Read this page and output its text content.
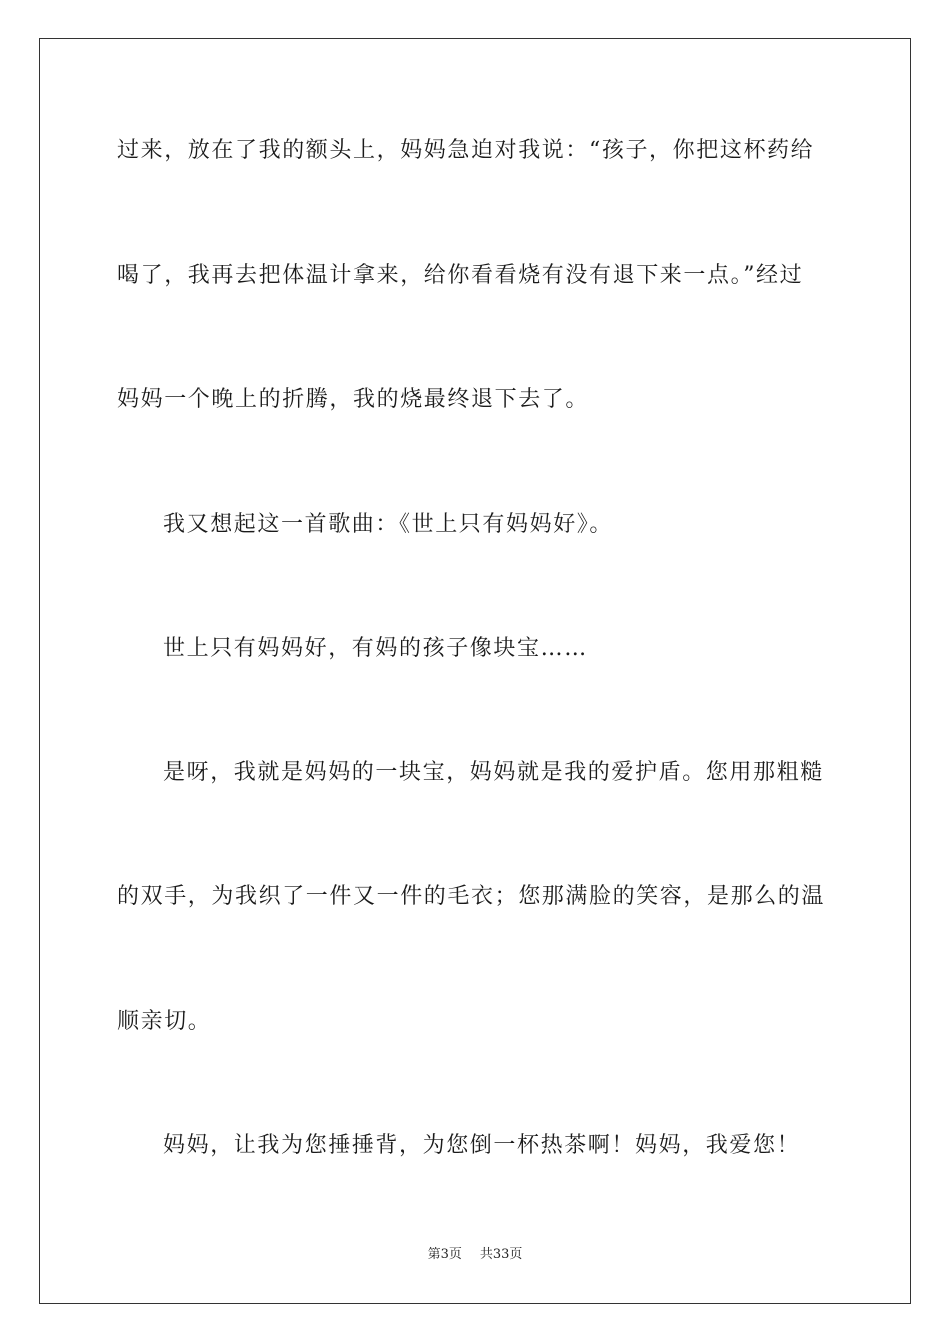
过来，放在了我的额头上，妈妈急迫对我说：“孩子，你把这杯药给
喝了，我再去把体温计拿来，给你看看烧有没有退下来一点。”经过
妈妈一个晚上的折腾，我的烧最终退下去了。
我又想起这一首歌曲：《世上只有妈妈好》。
世上只有妈妈好，有妈的孩子像块宝……
是呀，我就是妈妈的一块宝，妈妈就是我的爱护盾。您用那粗糙
的双手，为我织了一件又一件的毛衣；您那满脸的笑容，是那么的温
顺亲切。
妈妈，让我为您捶捶背，为您倒一杯热茶啊！妈妈，我爱您！
第3页 共33页
